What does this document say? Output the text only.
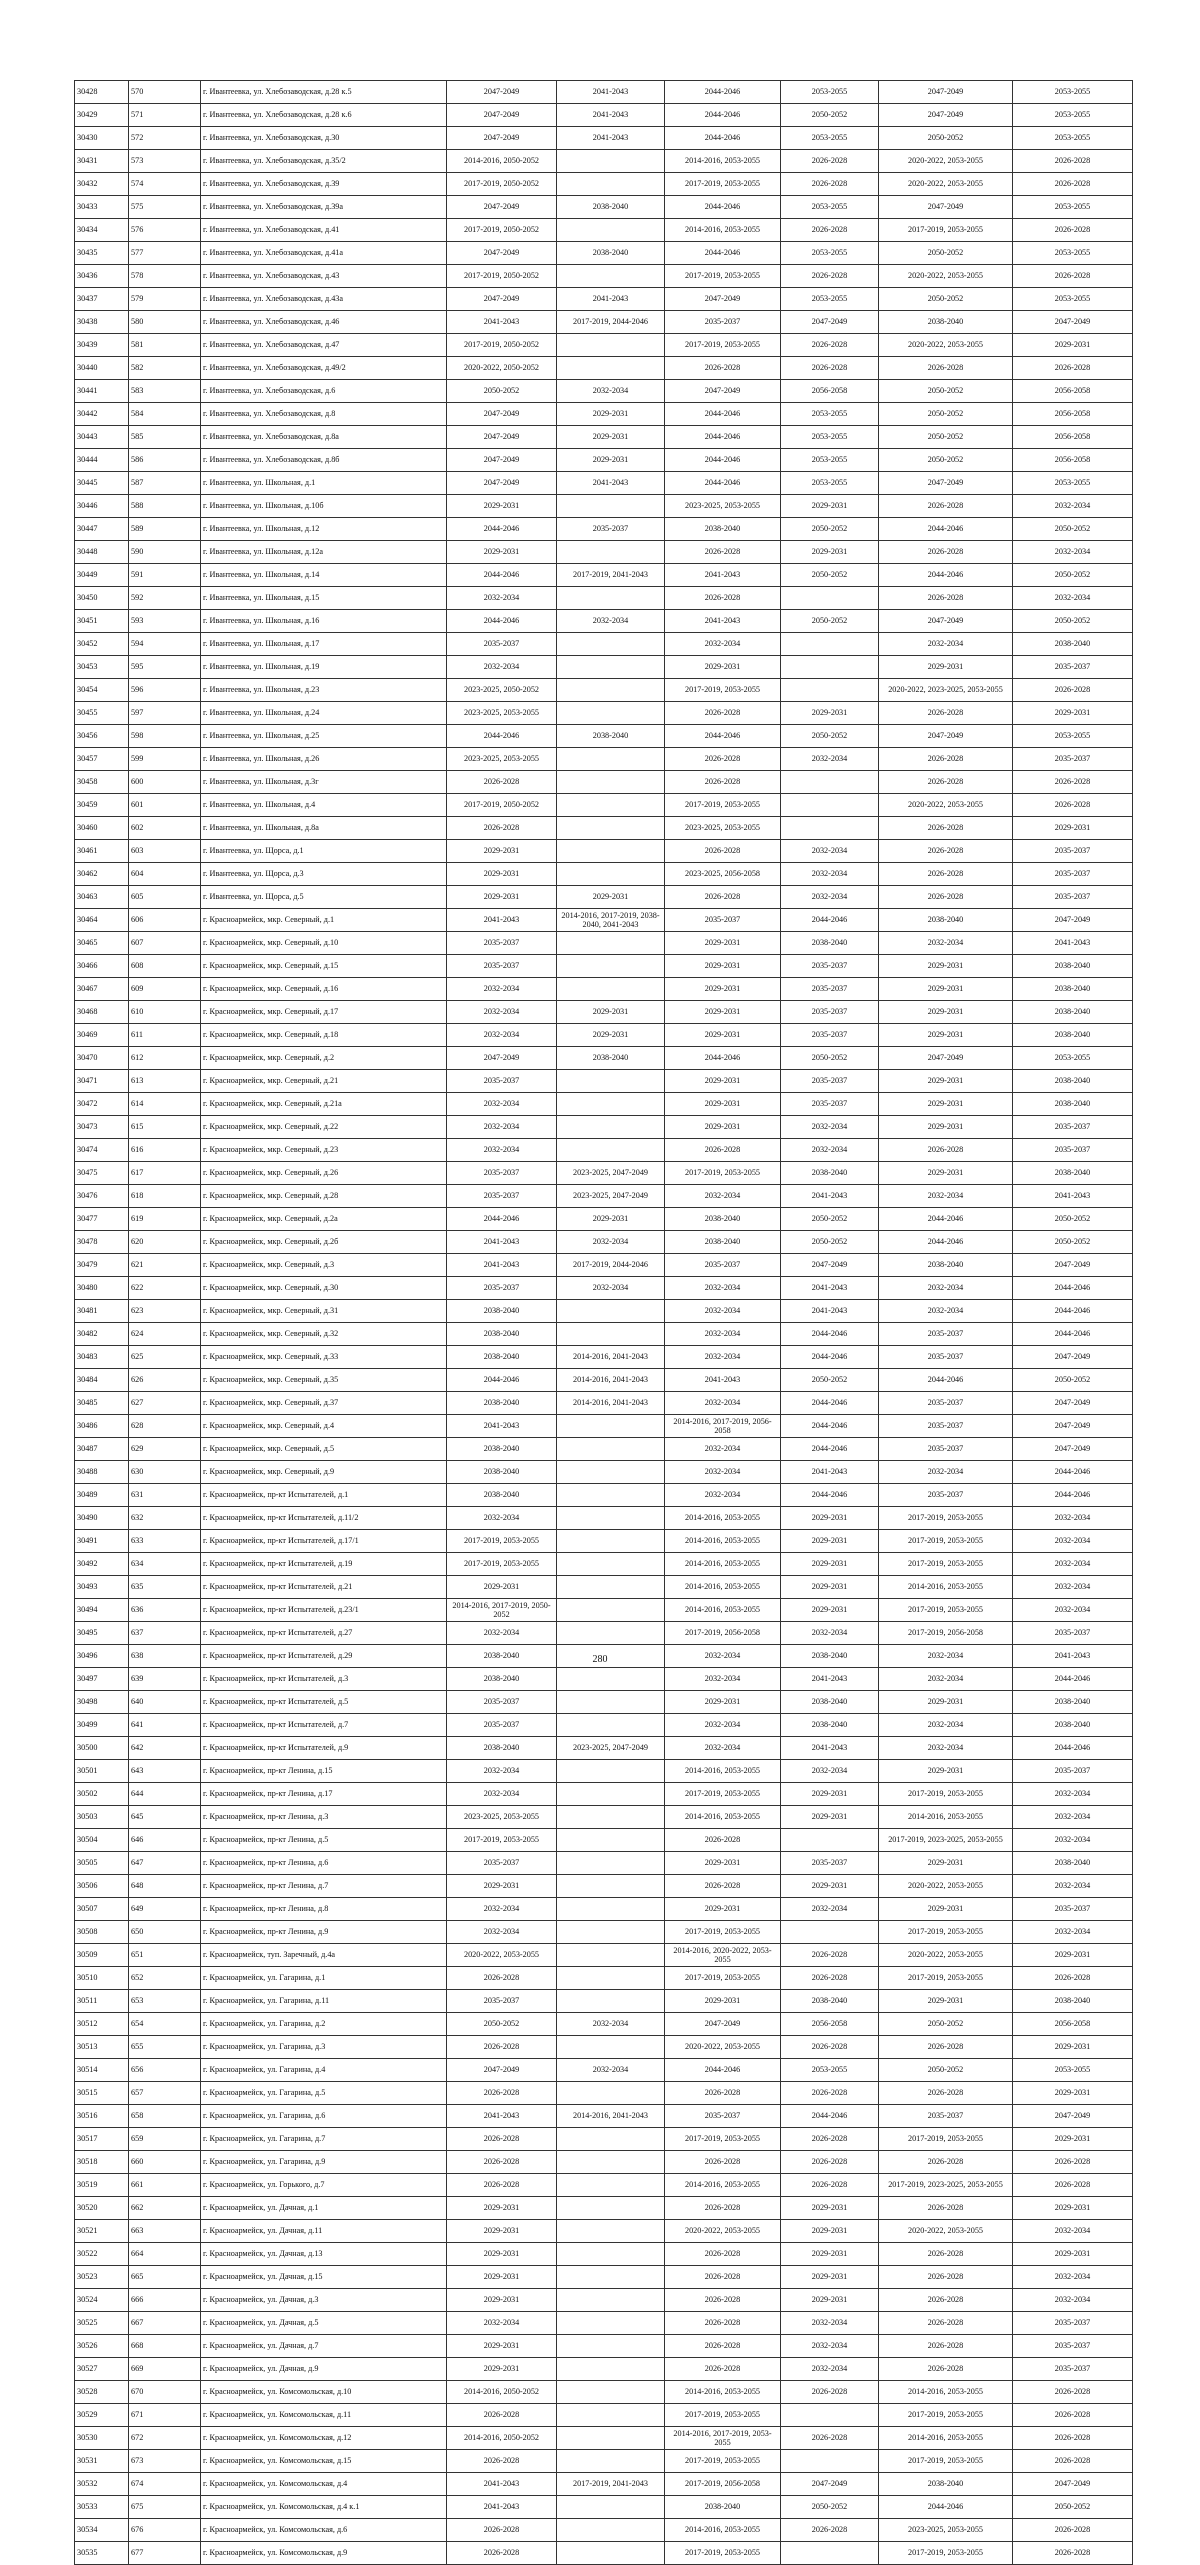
30428	570	г. Ивантеевка, ул. Хлебозаводская, д.28 к.5	2047-2049	2041-2043	2044-2046	2053-2055	2047-2049	2053-2055
30429	571	г. Ивантеевка, ул. Хлебозаводская, д.28 к.6	2047-2049	2041-2043	2044-2046	2050-2052	2047-2049	2053-2055
30430	572	г. Ивантеевка, ул. Хлебозаводская, д.30	2047-2049	2041-2043	2044-2046	2053-2055	2050-2052	2053-2055
30431	573	г. Ивантеевка, ул. Хлебозаводская, д.35/2	2014-2016, 2050-2052		2014-2016, 2053-2055	2026-2028	2020-2022, 2053-2055	2026-2028
30432	574	г. Ивантеевка, ул. Хлебозаводская, д.39	2017-2019, 2050-2052		2017-2019, 2053-2055	2026-2028	2020-2022, 2053-2055	2026-2028
30433	575	г. Ивантеевка, ул. Хлебозаводская, д.39а	2047-2049	2038-2040	2044-2046	2053-2055	2047-2049	2053-2055
30434	576	г. Ивантеевка, ул. Хлебозаводская, д.41	2017-2019, 2050-2052		2014-2016, 2053-2055	2026-2028	2017-2019, 2053-2055	2026-2028
30435	577	г. Ивантеевка, ул. Хлебозаводская, д.41а	2047-2049	2038-2040	2044-2046	2053-2055	2050-2052	2053-2055
30436	578	г. Ивантеевка, ул. Хлебозаводская, д.43	2017-2019, 2050-2052		2017-2019, 2053-2055	2026-2028	2020-2022, 2053-2055	2026-2028
30437	579	г. Ивантеевка, ул. Хлебозаводская, д.43а	2047-2049	2041-2043	2047-2049	2053-2055	2050-2052	2053-2055
30438	580	г. Ивантеевка, ул. Хлебозаводская, д.46	2041-2043	2017-2019, 2044-2046	2035-2037	2047-2049	2038-2040	2047-2049
30439	581	г. Ивантеевка, ул. Хлебозаводская, д.47	2017-2019, 2050-2052		2017-2019, 2053-2055	2026-2028	2020-2022, 2053-2055	2029-2031
30440	582	г. Ивантеевка, ул. Хлебозаводская, д.49/2	2020-2022, 2050-2052		2026-2028	2026-2028	2026-2028	2026-2028
30441	583	г. Ивантеевка, ул. Хлебозаводская, д.6	2050-2052	2032-2034	2047-2049	2056-2058	2050-2052	2056-2058
30442	584	г. Ивантеевка, ул. Хлебозаводская, д.8	2047-2049	2029-2031	2044-2046	2053-2055	2050-2052	2056-2058
30443	585	г. Ивантеевка, ул. Хлебозаводская, д.8а	2047-2049	2029-2031	2044-2046	2053-2055	2050-2052	2056-2058
30444	586	г. Ивантеевка, ул. Хлебозаводская, д.8б	2047-2049	2029-2031	2044-2046	2053-2055	2050-2052	2056-2058
30445	587	г. Ивантеевка, ул. Школьная, д.1	2047-2049	2041-2043	2044-2046	2053-2055	2047-2049	2053-2055
30446	588	г. Ивантеевка, ул. Школьная, д.10б	2029-2031		2023-2025, 2053-2055	2029-2031	2026-2028	2032-2034
30447	589	г. Ивантеевка, ул. Школьная, д.12	2044-2046	2035-2037	2038-2040	2050-2052	2044-2046	2050-2052
30448	590	г. Ивантеевка, ул. Школьная, д.12а	2029-2031		2026-2028	2029-2031	2026-2028	2032-2034
30449	591	г. Ивантеевка, ул. Школьная, д.14	2044-2046	2017-2019, 2041-2043	2041-2043	2050-2052	2044-2046	2050-2052
30450	592	г. Ивантеевка, ул. Школьная, д.15	2032-2034		2026-2028		2026-2028	2032-2034
30451	593	г. Ивантеевка, ул. Школьная, д.16	2044-2046	2032-2034	2041-2043	2050-2052	2047-2049	2050-2052
30452	594	г. Ивантеевка, ул. Школьная, д.17	2035-2037		2032-2034		2032-2034	2038-2040
30453	595	г. Ивантеевка, ул. Школьная, д.19	2032-2034		2029-2031		2029-2031	2035-2037
30454	596	г. Ивантеевка, ул. Школьная, д.23	2023-2025, 2050-2052		2017-2019, 2053-2055		2020-2022, 2023-2025, 2053-2055	2026-2028
30455	597	г. Ивантеевка, ул. Школьная, д.24	2023-2025, 2053-2055		2026-2028	2029-2031	2026-2028	2029-2031
30456	598	г. Ивантеевка, ул. Школьная, д.25	2044-2046	2038-2040	2044-2046	2050-2052	2047-2049	2053-2055
30457	599	г. Ивантеевка, ул. Школьная, д.26	2023-2025, 2053-2055		2026-2028	2032-2034	2026-2028	2035-2037
30458	600	г. Ивантеевка, ул. Школьная, д.3г	2026-2028		2026-2028		2026-2028	2026-2028
30459	601	г. Ивантеевка, ул. Школьная, д.4	2017-2019, 2050-2052		2017-2019, 2053-2055		2020-2022, 2053-2055	2026-2028
30460	602	г. Ивантеевка, ул. Школьная, д.8а	2026-2028		2023-2025, 2053-2055		2026-2028	2029-2031
30461	603	г. Ивантеевка, ул. Щорса, д.1	2029-2031		2026-2028	2032-2034	2026-2028	2035-2037
30462	604	г. Ивантеевка, ул. Щорса, д.3	2029-2031		2023-2025, 2056-2058	2032-2034	2026-2028	2035-2037
30463	605	г. Ивантеевка, ул. Щорса, д.5	2029-2031	2029-2031	2026-2028	2032-2034	2026-2028	2035-2037
30464	606	г. Красноармейск, мкр. Северный, д.1	2041-2043	2014-2016, 2017-2019, 2038-2040, 2041-2043	2035-2037	2044-2046	2038-2040	2047-2049
30465	607	г. Красноармейск, мкр. Северный, д.10	2035-2037		2029-2031	2038-2040	2032-2034	2041-2043
30466	608	г. Красноармейск, мкр. Северный, д.15	2035-2037		2029-2031	2035-2037	2029-2031	2038-2040
30467	609	г. Красноармейск, мкр. Северный, д.16	2032-2034		2029-2031	2035-2037	2029-2031	2038-2040
30468	610	г. Красноармейск, мкр. Северный, д.17	2032-2034	2029-2031	2029-2031	2035-2037	2029-2031	2038-2040
30469	611	г. Красноармейск, мкр. Северный, д.18	2032-2034	2029-2031	2029-2031	2035-2037	2029-2031	2038-2040
30470	612	г. Красноармейск, мкр. Северный, д.2	2047-2049	2038-2040	2044-2046	2050-2052	2047-2049	2053-2055
30471	613	г. Красноармейск, мкр. Северный, д.21	2035-2037		2029-2031	2035-2037	2029-2031	2038-2040
30472	614	г. Красноармейск, мкр. Северный, д.21а	2032-2034		2029-2031	2035-2037	2029-2031	2038-2040
30473	615	г. Красноармейск, мкр. Северный, д.22	2032-2034		2029-2031	2032-2034	2029-2031	2035-2037
30474	616	г. Красноармейск, мкр. Северный, д.23	2032-2034		2026-2028	2032-2034	2026-2028	2035-2037
30475	617	г. Красноармейск, мкр. Северный, д.26	2035-2037	2023-2025, 2047-2049	2017-2019, 2053-2055	2038-2040	2029-2031	2038-2040
30476	618	г. Красноармейск, мкр. Северный, д.28	2035-2037	2023-2025, 2047-2049	2032-2034	2041-2043	2032-2034	2041-2043
30477	619	г. Красноармейск, мкр. Северный, д.2а	2044-2046	2029-2031	2038-2040	2050-2052	2044-2046	2050-2052
30478	620	г. Красноармейск, мкр. Северный, д.2б	2041-2043	2032-2034	2038-2040	2050-2052	2044-2046	2050-2052
30479	621	г. Красноармейск, мкр. Северный, д.3	2041-2043	2017-2019, 2044-2046	2035-2037	2047-2049	2038-2040	2047-2049
30480	622	г. Красноармейск, мкр. Северный, д.30	2035-2037	2032-2034	2032-2034	2041-2043	2032-2034	2044-2046
30481	623	г. Красноармейск, мкр. Северный, д.31	2038-2040		2032-2034	2041-2043	2032-2034	2044-2046
30482	624	г. Красноармейск, мкр. Северный, д.32	2038-2040		2032-2034	2044-2046	2035-2037	2044-2046
30483	625	г. Красноармейск, мкр. Северный, д.33	2038-2040	2014-2016, 2041-2043	2032-2034	2044-2046	2035-2037	2047-2049
30484	626	г. Красноармейск, мкр. Северный, д.35	2044-2046	2014-2016, 2041-2043	2041-2043	2050-2052	2044-2046	2050-2052
30485	627	г. Красноармейск, мкр. Северный, д.37	2038-2040	2014-2016, 2041-2043	2032-2034	2044-2046	2035-2037	2047-2049
30486	628	г. Красноармейск, мкр. Северный, д.4	2041-2043		2014-2016, 2017-2019, 2056-2058	2044-2046	2035-2037	2047-2049
30487	629	г. Красноармейск, мкр. Северный, д.5	2038-2040		2032-2034	2044-2046	2035-2037	2047-2049
30488	630	г. Красноармейск, мкр. Северный, д.9	2038-2040		2032-2034	2041-2043	2032-2034	2044-2046
30489	631	г. Красноармейск, пр-кт Испытателей, д.1	2038-2040		2032-2034	2044-2046	2035-2037	2044-2046
30490	632	г. Красноармейск, пр-кт Испытателей, д.11/2	2032-2034		2014-2016, 2053-2055	2029-2031	2017-2019, 2053-2055	2032-2034
30491	633	г. Красноармейск, пр-кт Испытателей, д.17/1	2017-2019, 2053-2055		2014-2016, 2053-2055	2029-2031	2017-2019, 2053-2055	2032-2034
30492	634	г. Красноармейск, пр-кт Испытателей, д.19	2017-2019, 2053-2055		2014-2016, 2053-2055	2029-2031	2017-2019, 2053-2055	2032-2034
30493	635	г. Красноармейск, пр-кт Испытателей, д.21	2029-2031		2014-2016, 2053-2055	2029-2031	2014-2016, 2053-2055	2032-2034
30494	636	г. Красноармейск, пр-кт Испытателей, д.23/1	2014-2016, 2017-2019, 2050-2052		2014-2016, 2053-2055	2029-2031	2017-2019, 2053-2055	2032-2034
30495	637	г. Красноармейск, пр-кт Испытателей, д.27	2032-2034		2017-2019, 2056-2058	2032-2034	2017-2019, 2056-2058	2035-2037
30496	638	г. Красноармейск, пр-кт Испытателей, д.29	2038-2040		2032-2034	2038-2040	2032-2034	2041-2043
30497	639	г. Красноармейск, пр-кт Испытателей, д.3	2038-2040		2032-2034	2041-2043	2032-2034	2044-2046
30498	640	г. Красноармейск, пр-кт Испытателей, д.5	2035-2037		2029-2031	2038-2040	2029-2031	2038-2040
30499	641	г. Красноармейск, пр-кт Испытателей, д.7	2035-2037		2032-2034	2038-2040	2032-2034	2038-2040
30500	642	г. Красноармейск, пр-кт Испытателей, д.9	2038-2040	2023-2025, 2047-2049	2032-2034	2041-2043	2032-2034	2044-2046
30501	643	г. Красноармейск, пр-кт Ленина, д.15	2032-2034		2014-2016, 2053-2055	2032-2034	2029-2031	2035-2037
30502	644	г. Красноармейск, пр-кт Ленина, д.17	2032-2034		2017-2019, 2053-2055	2029-2031	2017-2019, 2053-2055	2032-2034
30503	645	г. Красноармейск, пр-кт Ленина, д.3	2023-2025, 2053-2055		2014-2016, 2053-2055	2029-2031	2014-2016, 2053-2055	2032-2034
30504	646	г. Красноармейск, пр-кт Ленина, д.5	2017-2019, 2053-2055		2026-2028		2017-2019, 2023-2025, 2053-2055	2032-2034
30505	647	г. Красноармейск, пр-кт Ленина, д.6	2035-2037		2029-2031	2035-2037	2029-2031	2038-2040
30506	648	г. Красноармейск, пр-кт Ленина, д.7	2029-2031		2026-2028	2029-2031	2020-2022, 2053-2055	2032-2034
30507	649	г. Красноармейск, пр-кт Ленина, д.8	2032-2034		2029-2031	2032-2034	2029-2031	2035-2037
30508	650	г. Красноармейск, пр-кт Ленина, д.9	2032-2034		2017-2019, 2053-2055		2017-2019, 2053-2055	2032-2034
30509	651	г. Красноармейск, туп. Заречный, д.4а	2020-2022, 2053-2055		2014-2016, 2020-2022, 2053-2055	2026-2028	2020-2022, 2053-2055	2029-2031
30510	652	г. Красноармейск, ул. Гагарина, д.1	2026-2028		2017-2019, 2053-2055	2026-2028	2017-2019, 2053-2055	2026-2028
30511	653	г. Красноармейск, ул. Гагарина, д.11	2035-2037		2029-2031	2038-2040	2029-2031	2038-2040
30512	654	г. Красноармейск, ул. Гагарина, д.2	2050-2052	2032-2034	2047-2049	2056-2058	2050-2052	2056-2058
30513	655	г. Красноармейск, ул. Гагарина, д.3	2026-2028		2020-2022, 2053-2055	2026-2028	2026-2028	2029-2031
30514	656	г. Красноармейск, ул. Гагарина, д.4	2047-2049	2032-2034	2044-2046	2053-2055	2050-2052	2053-2055
30515	657	г. Красноармейск, ул. Гагарина, д.5	2026-2028		2026-2028	2026-2028	2026-2028	2029-2031
30516	658	г. Красноармейск, ул. Гагарина, д.6	2041-2043	2014-2016, 2041-2043	2035-2037	2044-2046	2035-2037	2047-2049
30517	659	г. Красноармейск, ул. Гагарина, д.7	2026-2028		2017-2019, 2053-2055	2026-2028	2017-2019, 2053-2055	2029-2031
30518	660	г. Красноармейск, ул. Гагарина, д.9	2026-2028		2026-2028	2026-2028	2026-2028	2026-2028
30519	661	г. Красноармейск, ул. Горького, д.7	2026-2028		2014-2016, 2053-2055	2026-2028	2017-2019, 2023-2025, 2053-2055	2026-2028
30520	662	г. Красноармейск, ул. Дачная, д.1	2029-2031		2026-2028	2029-2031	2026-2028	2029-2031
30521	663	г. Красноармейск, ул. Дачная, д.11	2029-2031		2020-2022, 2053-2055	2029-2031	2020-2022, 2053-2055	2032-2034
30522	664	г. Красноармейск, ул. Дачная, д.13	2029-2031		2026-2028	2029-2031	2026-2028	2029-2031
30523	665	г. Красноармейск, ул. Дачная, д.15	2029-2031		2026-2028	2029-2031	2026-2028	2032-2034
30524	666	г. Красноармейск, ул. Дачная, д.3	2029-2031		2026-2028	2029-2031	2026-2028	2032-2034
30525	667	г. Красноармейск, ул. Дачная, д.5	2032-2034		2026-2028	2032-2034	2026-2028	2035-2037
30526	668	г. Красноармейск, ул. Дачная, д.7	2029-2031		2026-2028	2032-2034	2026-2028	2035-2037
30527	669	г. Красноармейск, ул. Дачная, д.9	2029-2031		2026-2028	2032-2034	2026-2028	2035-2037
30528	670	г. Красноармейск, ул. Комсомольская, д.10	2014-2016, 2050-2052		2014-2016, 2053-2055	2026-2028	2014-2016, 2053-2055	2026-2028
30529	671	г. Красноармейск, ул. Комсомольская, д.11	2026-2028		2017-2019, 2053-2055		2017-2019, 2053-2055	2026-2028
30530	672	г. Красноармейск, ул. Комсомольская, д.12	2014-2016, 2050-2052		2014-2016, 2017-2019, 2053-2055	2026-2028	2014-2016, 2053-2055	2026-2028
30531	673	г. Красноармейск, ул. Комсомольская, д.15	2026-2028		2017-2019, 2053-2055		2017-2019, 2053-2055	2026-2028
30532	674	г. Красноармейск, ул. Комсомольская, д.4	2041-2043	2017-2019, 2041-2043	2017-2019, 2056-2058	2047-2049	2038-2040	2047-2049
30533	675	г. Красноармейск, ул. Комсомольская, д.4 к.1	2041-2043		2038-2040	2050-2052	2044-2046	2050-2052
30534	676	г. Красноармейск, ул. Комсомольская, д.6	2026-2028		2014-2016, 2053-2055	2026-2028	2023-2025, 2053-2055	2026-2028
30535	677	г. Красноармейск, ул. Комсомольская, д.9	2026-2028		2017-2019, 2053-2055		2017-2019, 2053-2055	2026-2028
280
